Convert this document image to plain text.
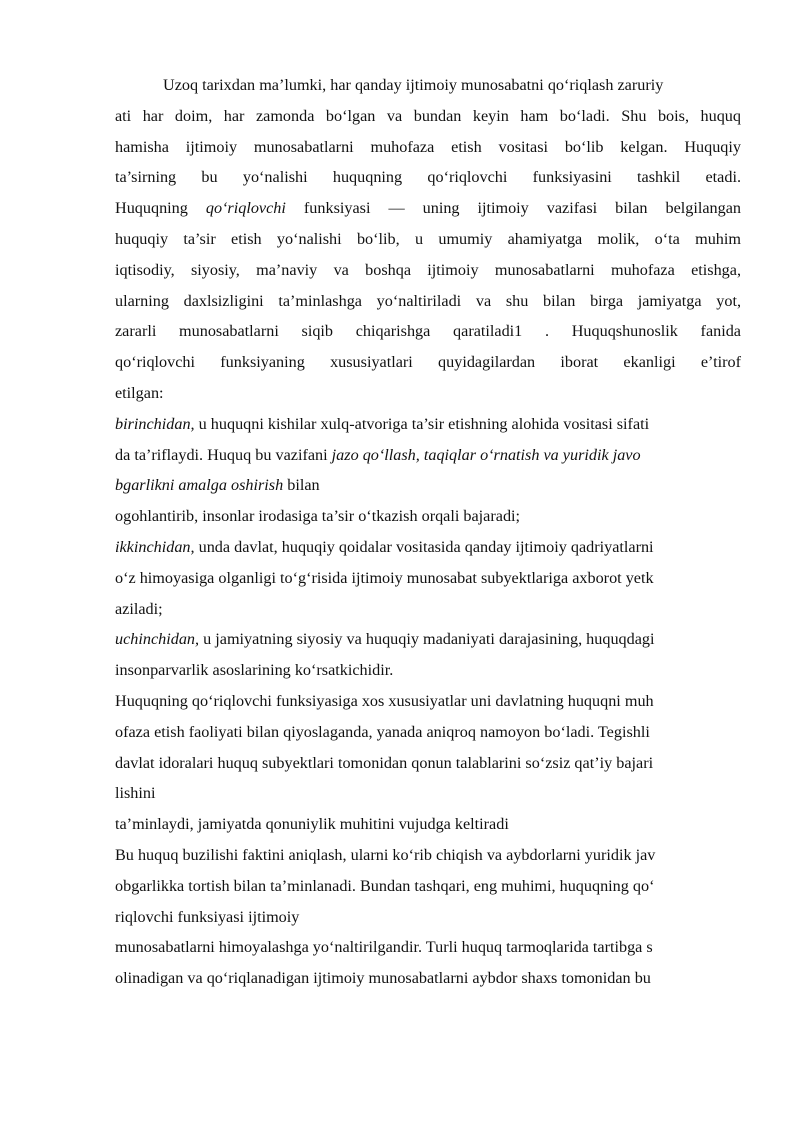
Uzoq tarixdan ma’lumki, har qanday ijtimoiy munosabatni qo‘riqlash zaruriy
ati har doim, har zamonda bo‘lgan va bundan keyin ham bo‘ladi. Shu bois, huquq
hamisha ijtimoiy munosabatlarni muhofaza etish vositasi bo‘lib kelgan. Huquqiy
ta’sirning bu yo‘nalishi huquqning qo‘riqlovchi funksiyasini tashkil etadi.
Huquqning qo‘riqlovchi funksiyasi — uning ijtimoiy vazifasi bilan belgilangan
huquqiy ta’sir etish yo‘nalishi bo‘lib, u umumiy ahamiyatga molik, o‘ta muhim
iqtisodiy, siyosiy, ma’naviy va boshqa ijtimoiy munosabatlarni muhofaza etishga,
ularning daxlsizligini ta’minlashga yo‘naltiriladi va shu bilan birga jamiyatga yot,
zararli munosabatlarni siqib chiqarishga qaratiladi1 . Huquqshunoslik fanida
qo‘riqlovchi funksiyaning xususiyatlari quyidagilardan iborat ekanligi e’tirof
etilgan:
birinchidan, u huquqni kishilar xulq-atvoriga ta’sir etishning alohida vositasi sifati
da ta’riflaydi. Huquq bu vazifani jazo qo‘llash, taqiqlar o‘rnatish va yuridik javo
bgarlikni amalga oshirish bilan
ogohlantirib, insonlar irodasiga ta’sir o‘tkazish orqali bajaradi;
ikkinchidan, unda davlat, huquqiy qoidalar vositasida qanday ijtimoiy qadriyatlarni
o‘z himoyasiga olganligi to‘g‘risida ijtimoiy munosabat subyektlariga axborot yetk
aziladi;
uchinchidan, u jamiyatning siyosiy va huquqiy madaniyati darajasining, huquqdagi
insonparvarlik asoslarining ko‘rsatkichidir.
Huquqning qo‘riqlovchi funksiyasiga xos xususiyatlar uni davlatning huquqni muh
ofaza etish faoliyati bilan qiyoslaganda, yanada aniqroq namoyon bo‘ladi. Tegishli
davlat idoralari huquq subyektlari tomonidan qonun talablarini so‘zsiz qat’iy bajari
lishini
ta’minlaydi, jamiyatda qonuniylik muhitini vujudga keltiradi
Bu huquq buzilishi faktini aniqlash, ularni ko‘rib chiqish va aybdorlarni yuridik jav
obgarlikka tortish bilan ta’minlanadi. Bundan tashqari, eng muhimi, huquqning qo‘
riqlovchi funksiyasi ijtimoiy
munosabatlarni himoyalashga yo‘naltirilgandir. Turli huquq tarmoqlarida tartibga s
olinadigan va qo‘riqlanadigan ijtimoiy munosabatlarni aybdor shaxs tomonidan bu
